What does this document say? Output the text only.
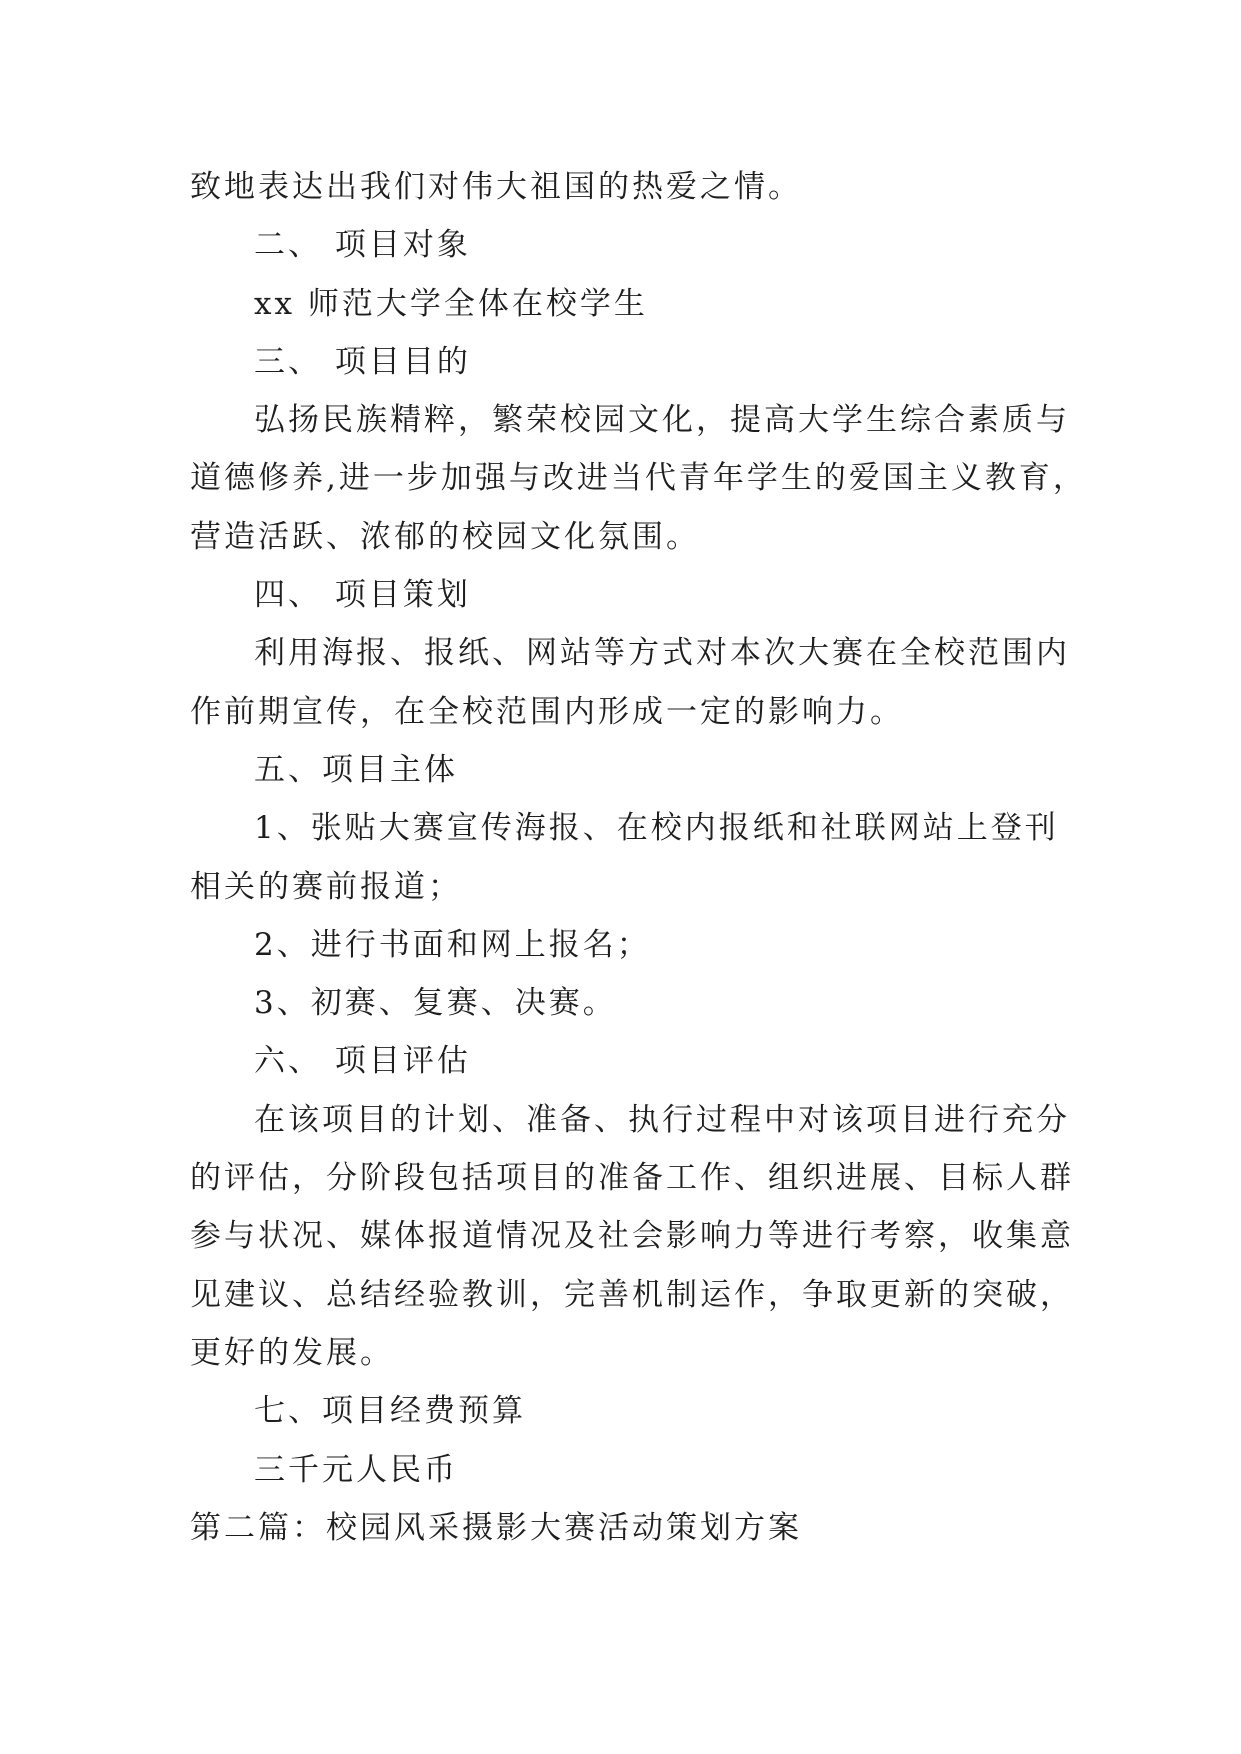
致地表达出我们对伟大祖国的热爱之情。
二、 项目对象
xx 师范大学全体在校学生
三、 项目目的
弘扬民族精粹，繁荣校园文化，提高大学生综合素质与
道德修养,进一步加强与改进当代青年学生的爱国主义教育，
营造活跃、浓郁的校园文化氛围。
四、 项目策划
利用海报、报纸、网站等方式对本次大赛在全校范围内
作前期宣传，在全校范围内形成一定的影响力。
五、项目主体
1、张贴大赛宣传海报、在校内报纸和社联网站上登刊
相关的赛前报道；
2、进行书面和网上报名；
3、初赛、复赛、决赛。
六、 项目评估
在该项目的计划、准备、执行过程中对该项目进行充分
的评估，分阶段包括项目的准备工作、组织进展、目标人群
参与状况、媒体报道情况及社会影响力等进行考察，收集意
见建议、总结经验教训，完善机制运作，争取更新的突破，
更好的发展。
七、项目经费预算
三千元人民币
第二篇：校园风采摄影大赛活动策划方案
